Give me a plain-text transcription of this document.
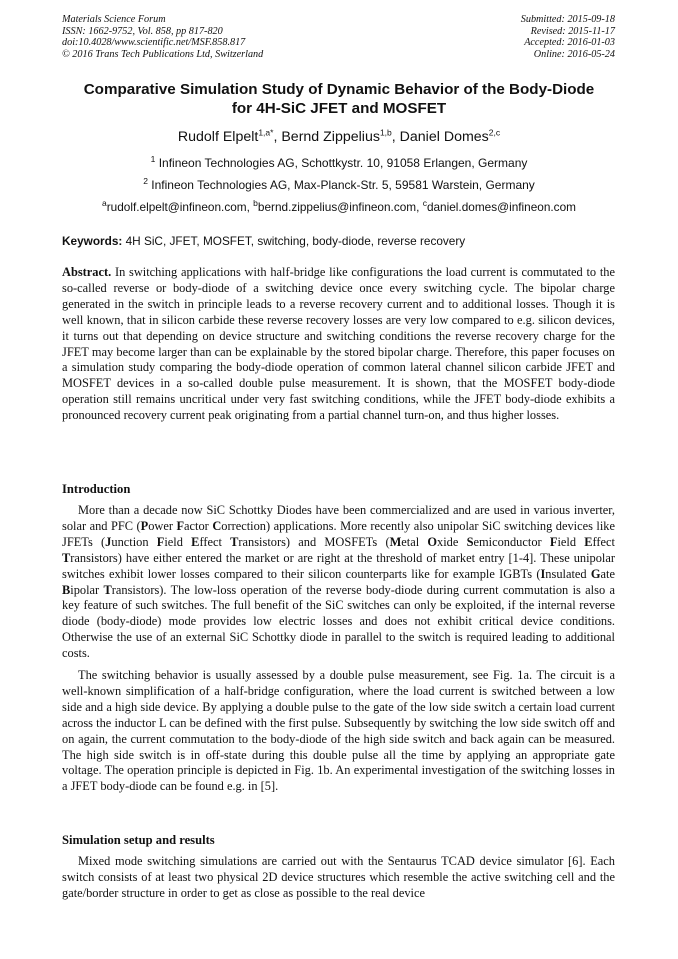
Materials Science Forum
ISSN: 1662-9752, Vol. 858, pp 817-820
doi:10.4028/www.scientific.net/MSF.858.817
© 2016 Trans Tech Publications Ltd, Switzerland
Submitted: 2015-09-18
Revised: 2015-11-17
Accepted: 2016-01-03
Online: 2016-05-24
Comparative Simulation Study of Dynamic Behavior of the Body-Diode
for 4H-SiC JFET and MOSFET
Rudolf Elpelt$^{1,a*}$, Bernd Zippelius$^{1,b}$, Daniel Domes$^{2,c}$
$^1$ Infineon Technologies AG, Schottkystr. 10, 91058 Erlangen, Germany
$^2$ Infineon Technologies AG, Max-Planck-Str. 5, 59581 Warstein, Germany
$^a$rudolf.elpelt@infineon.com, $^b$bernd.zippelius@infineon.com, $^c$daniel.domes@infineon.com
Keywords: 4H SiC, JFET, MOSFET, switching, body-diode, reverse recovery
Abstract. In switching applications with half-bridge like configurations the load current is commutated to the so-called reverse or body-diode of a switching device once every switching cycle. The bipolar charge generated in the switch in principle leads to a reverse recovery current and to additional losses. Though it is well known, that in silicon carbide these reverse recovery losses are very low compared to e.g. silicon devices, it turns out that depending on device structure and switching conditions the reverse recovery charge for the JFET may become larger than can be explainable by the stored bipolar charge. Therefore, this paper focuses on a simulation study comparing the body-diode operation of common lateral channel silicon carbide JFET and MOSFET devices in a so-called double pulse measurement. It is shown, that the MOSFET body-diode operation still remains uncritical under very fast switching conditions, while the JFET body-diode exhibits a pronounced recovery current peak originating from a partial channel turn-on, and thus higher losses.
Introduction
More than a decade now SiC Schottky Diodes have been commercialized and are used in various inverter, solar and PFC (Power Factor Correction) applications. More recently also unipolar SiC switching devices like JFETs (Junction Field Effect Transistors) and MOSFETs (Metal Oxide Semiconductor Field Effect Transistors) have either entered the market or are right at the threshold of market entry [1-4]. These unipolar switches exhibit lower losses compared to their silicon counterparts like for example IGBTs (Insulated Gate Bipolar Transistors). The low-loss operation of the reverse body-diode during current commutation is also a key feature of such switches. The full benefit of the SiC switches can only be exploited, if the internal reverse diode (body-diode) mode provides low electric losses and does not exhibit critical device conditions. Otherwise the use of an external SiC Schottky diode in parallel to the switch is required leading to additional costs.
The switching behavior is usually assessed by a double pulse measurement, see Fig. 1a. The circuit is a well-known simplification of a half-bridge configuration, where the load current is switched between a low side and a high side device. By applying a double pulse to the gate of the low side switch a certain load current across the inductor L can be defined with the first pulse. Subsequently by switching the low side switch off and on again, the current commutation to the body-diode of the high side switch and back again can be measured. The high side switch is in off-state during this double pulse all the time by applying an appropriate gate voltage. The operation principle is depicted in Fig. 1b. An experimental investigation of the switching losses in a JFET body-diode can be found e.g. in [5].
Simulation setup and results
Mixed mode switching simulations are carried out with the Sentaurus TCAD device simulator [6]. Each switch consists of at least two physical 2D device structures which resemble the active switching cell and the gate/border structure in order to get as close as possible to the real device
